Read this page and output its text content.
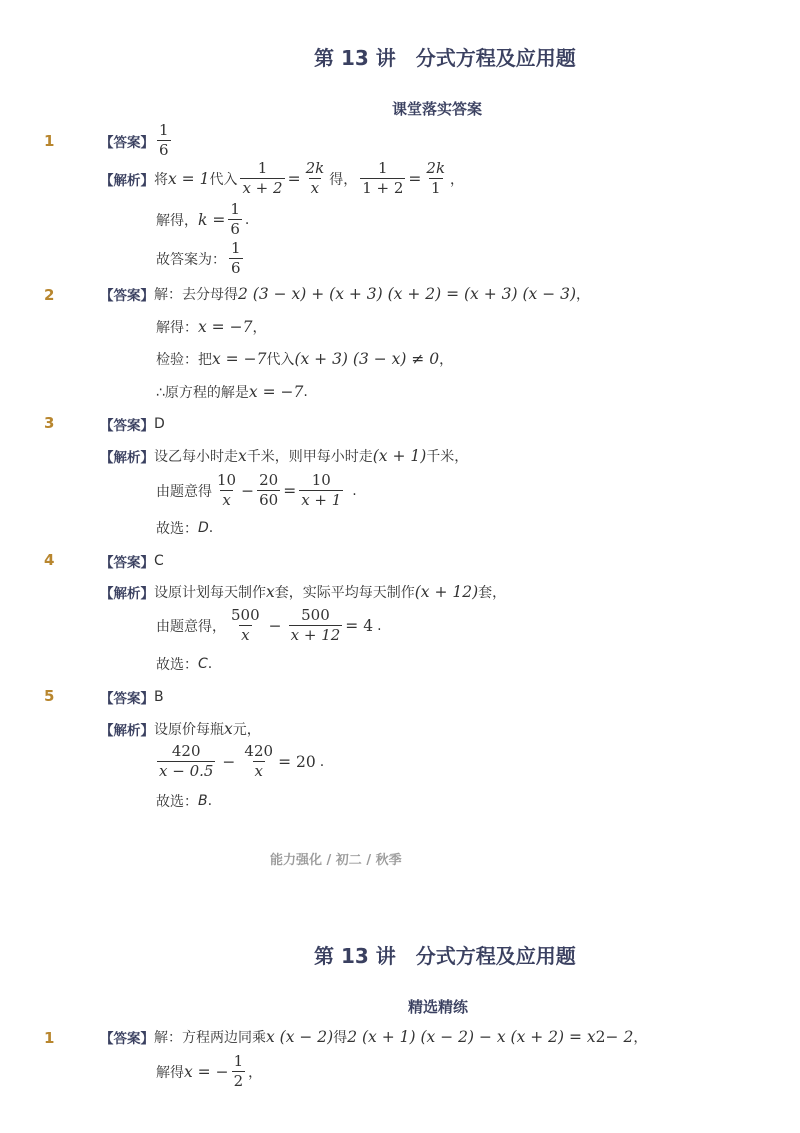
第 13 讲　分式方程及应用题
课堂落实答案
1	【答案】 $\frac{1}{6}$
【解析】 将 x = 1 代入 $\frac{1}{x + 2} = \frac{2k}{x}$ 得， $\frac{1}{1 + 2} = \frac{2k}{1}$ ，
解得， $k = \frac{1}{6}$ .
故答案为： $\frac{1}{6}$
2	【答案】 解：去分母得 2 (3 − x) + (x + 3) (x + 2) = (x + 3) (x − 3) ，
解得： x = −7 ，
检验：把 x = −7 代入 (x + 3) (3 − x) ≠ 0 ，
∴原方程的解是 x = −7 .
3	【答案】 D
【解析】 设乙每小时走 x 千米，则甲每小时走 (x + 1) 千米，
由题意得 $\frac{10}{x} - \frac{20}{60} = \frac{10}{x + 1}$ .
故选： D .
4	【答案】 C
【解析】 设原计划每天制作 x 套，实际平均每天制作 (x + 12) 套，
由题意得， $\frac{500}{x} - \frac{500}{x + 12} = 4$ .
故选： C .
5	【答案】 B
【解析】 设原价每瓶 x 元，
$\frac{420}{x - 0.5} - \frac{420}{x} = 20$ .
故选： B .
能力强化 / 初二 / 秋季
第 13 讲　分式方程及应用题
精选精练
1	【答案】 解：方程两边同乘 x (x − 2) 得 2 (x + 1) (x − 2) − x (x + 2) = x 2 − 2 ，
解得 x = − $\frac{1}{2}$ ，
